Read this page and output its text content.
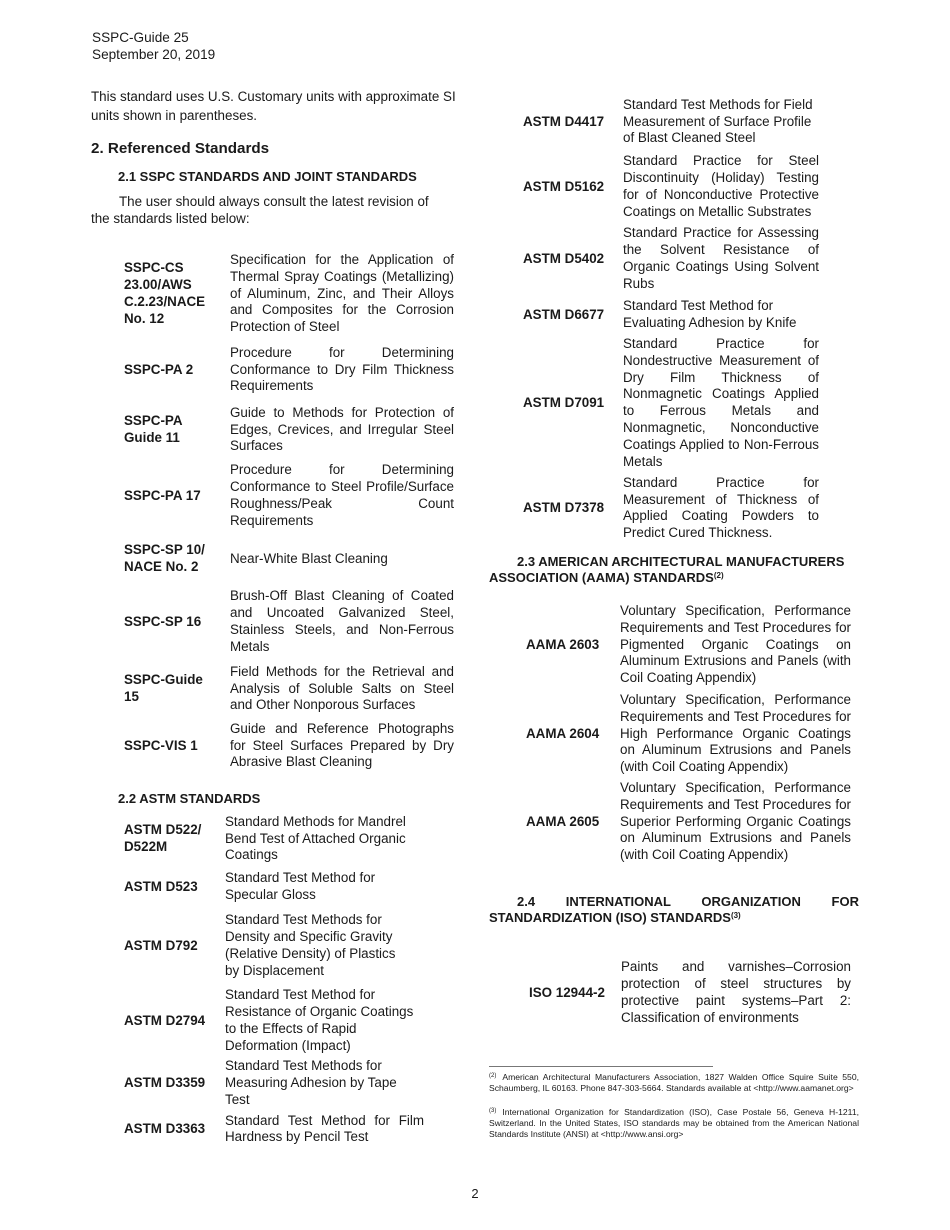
SSPC-Guide 25
September 20, 2019

This standard uses U.S. Customary units with approximate SI units shown in parentheses.

2. Referenced Standards
2.1 SSPC STANDARDS AND JOINT STANDARDS

The user should always consult the latest revision of the standards listed below:

SSPC-CS 23.00/AWS C.2.23/NACE No. 12	Specification for the Application of Thermal Spray Coatings (Metallizing) of Aluminum, Zinc, and Their Alloys and Composites for the Corrosion Protection of Steel
SSPC-PA 2	Procedure for Determining Conformance to Dry Film Thickness Requirements
SSPC-PA Guide 11	Guide to Methods for Protection of Edges, Crevices, and Irregular Steel Surfaces
SSPC-PA 17	Procedure for Determining Conformance to Steel Profile/Surface Roughness/Peak Count Requirements
SSPC-SP 10/ NACE No. 2	Near-White Blast Cleaning
SSPC-SP 16	Brush-Off Blast Cleaning of Coated and Uncoated Galvanized Steel, Stainless Steels, and Non-Ferrous Metals
SSPC-Guide 15	Field Methods for the Retrieval and Analysis of Soluble Salts on Steel and Other Nonporous Surfaces
SSPC-VIS 1	Guide and Reference Photographs for Steel Surfaces Prepared by Dry Abrasive Blast Cleaning
2.2 ASTM STANDARDS
ASTM D522/ D522M	Standard Methods for Mandrel Bend Test of Attached Organic Coatings
ASTM D523	Standard Test Method for Specular Gloss
ASTM D792	Standard Test Methods for Density and Specific Gravity (Relative Density) of Plastics by Displacement
ASTM D2794	Standard Test Method for Resistance of Organic Coatings to the Effects of Rapid Deformation (Impact)
ASTM D3359	Standard Test Methods for Measuring Adhesion by Tape Test
ASTM D3363	Standard Test Method for Film Hardness by Pencil Test
ASTM D4417	Standard Test Methods for Field Measurement of Surface Profile of Blast Cleaned Steel
ASTM D5162	Standard Practice for Steel Discontinuity (Holiday) Testing for of Nonconductive Protective Coatings on Metallic Substrates
ASTM D5402	Standard Practice for Assessing the Solvent Resistance of Organic Coatings Using Solvent Rubs
ASTM D6677	Standard Test Method for Evaluating Adhesion by Knife
ASTM D7091	Standard Practice for Nondestructive Measurement of Dry Film Thickness of Nonmagnetic Coatings Applied to Ferrous Metals and Nonmagnetic, Nonconductive Coatings Applied to Non-Ferrous Metals
ASTM D7378	Standard Practice for Measurement of Thickness of Applied Coating Powders to Predict Cured Thickness.
2.3 AMERICAN ARCHITECTURAL MANUFACTURERS
ASSOCIATION (AAMA) STANDARDS$^{(2)}$
AAMA 2603	Voluntary Specification, Performance Requirements and Test Procedures for Pigmented Organic Coatings on Aluminum Extrusions and Panels (with Coil Coating Appendix)
AAMA 2604	Voluntary Specification, Performance Requirements and Test Procedures for High Performance Organic Coatings on Aluminum Extrusions and Panels (with Coil Coating Appendix)
AAMA 2605	Voluntary Specification, Performance Requirements and Test Procedures for Superior Performing Organic Coatings on Aluminum Extrusions and Panels (with Coil Coating Appendix)
2.4 INTERNATIONAL ORGANIZATION FOR
STANDARDIZATION (ISO) STANDARDS$^{(3)}$
ISO 12944-2	Paints and varnishes–Corrosion protection of steel structures by protective paint systems–Part 2: Classification of environments
$^{(2)}$ American Architectural Manufacturers Association, 1827 Walden Office Squire Suite 550, Schaumberg, IL 60163. Phone 847-303-5664. Standards available at <http://www.aamanet.org>
$^{(3)}$ International Organization for Standardization (ISO), Case Postale 56, Geneva H-1211, Switzerland. In the United States, ISO standards may be obtained from the American National Standards Institute (ANSI) at <http://www.ansi.org>
2
